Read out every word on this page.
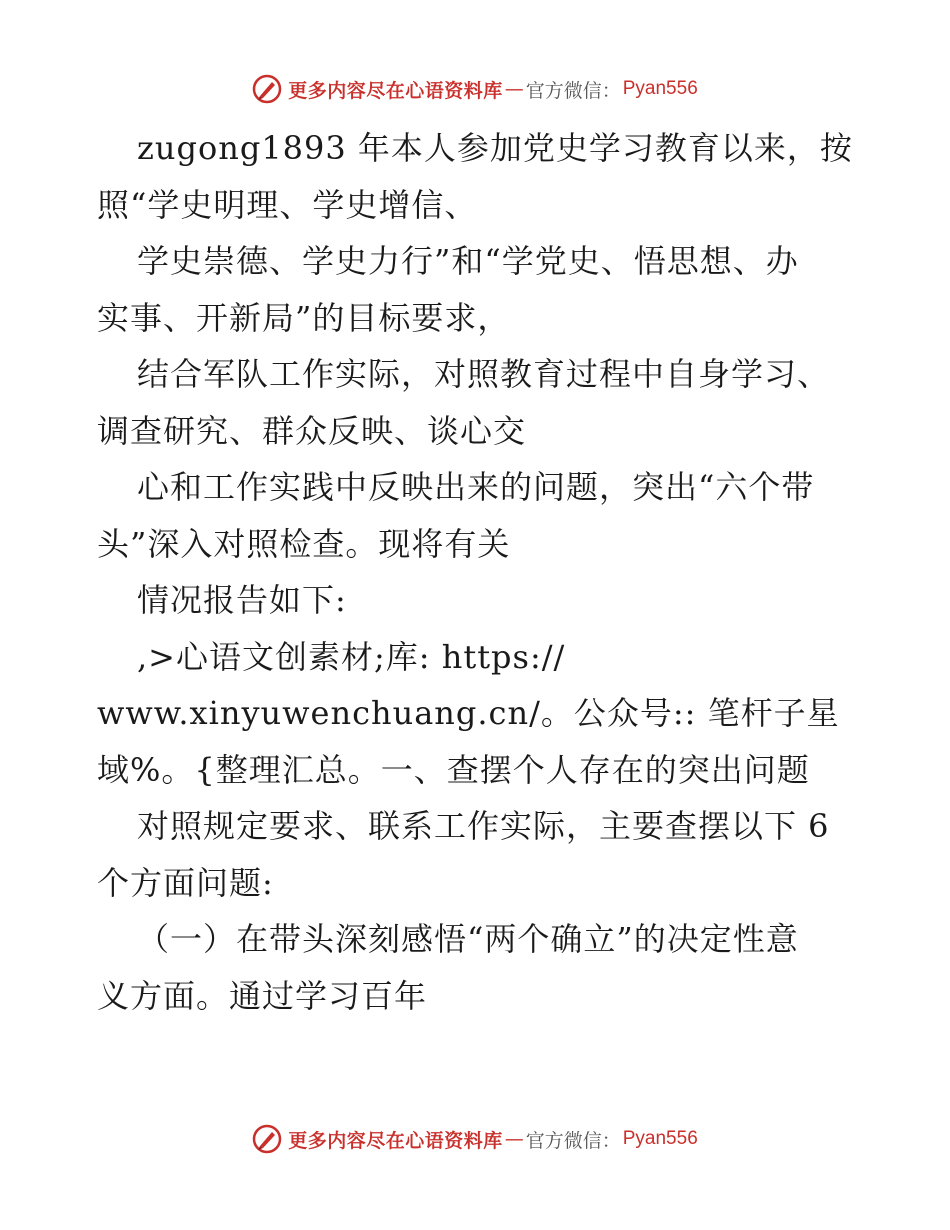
更多内容尽在心语资料库 — 官方微信： Pyan556
zugong1893 年本人参加党史学习教育以来，按
照“学史明理、学史增信、
学史崇德、学史力行”和“学党史、悟思想、办
实事、开新局”的目标要求，
结合军队工作实际，对照教育过程中自身学习、
调查研究、群众反映、谈心交
心和工作实践中反映出来的问题，突出“六个带
头”深入对照检查。现将有关
情况报告如下:
,>心语文创素材;库: https://
www.xinyuwenchuang.cn/。公众号:: 笔杆子星
域%。{整理汇总。一、查摆个人存在的突出问题
对照规定要求、联系工作实际，主要查摆以下 6
个方面问题:
（一）在带头深刻感悟“两个确立”的决定性意
义方面。通过学习百年
更多内容尽在心语资料库 — 官方微信： Pyan556
